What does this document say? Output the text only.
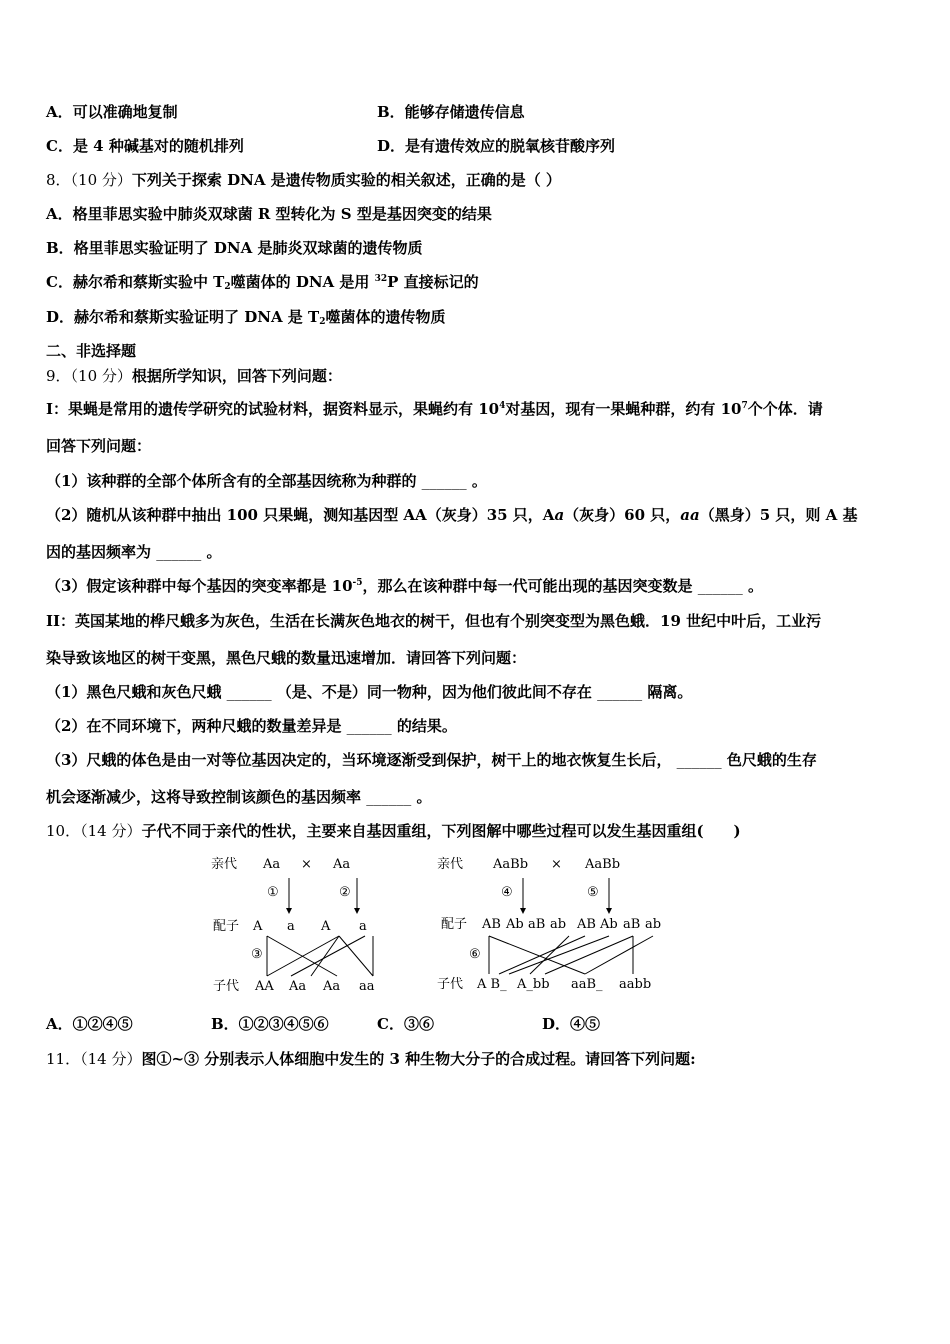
A．可以准确地复制	B．能够存储遗传信息
C．是 4 种碱基对的随机排列	D．是有遗传效应的脱氧核苷酸序列
8．（10 分）下列关于探索 DNA 是遗传物质实验的相关叙述，正确的是（ ）
A．格里菲思实验中肺炎双球菌 R 型转化为 S 型是基因突变的结果
B．格里菲思实验证明了 DNA 是肺炎双球菌的遗传物质
C．赫尔希和蔡斯实验中 $T_2$噬菌体的 DNA 是用 $^{32}$P 直接标记的
D．赫尔希和蔡斯实验证明了 DNA 是 $T_2$噬菌体的遗传物质
二、非选择题
9．（10 分）根据所学知识，回答下列问题：
I：果蝇是常用的遗传学研究的试验材料，据资料显示，果蝇约有 $10^4$对基因，现有一果蝇种群，约有 $10^7$个个体．请
回答下列问题：
（1）该种群的全部个体所含有的全部基因统称为种群的 ______ 。
（2）随机从该种群中抽出 100 只果蝇，测知基因型 AA（灰身）35 只，Aa（灰身）60 只，aa（黑身）5 只，则 A 基
因的基因频率为 ______ 。
（3）假定该种群中每个基因的突变率都是 $10^{-5}$，那么在该种群中每一代可能出现的基因突变数是 ______ 。
II：英国某地的桦尺蛾多为灰色，生活在长满灰色地衣的树干，但也有个别突变型为黑色蛾．19 世纪中叶后，工业污
染导致该地区的树干变黑，黑色尺蛾的数量迅速增加．请回答下列问题：
（1）黑色尺蛾和灰色尺蛾 ______ （是、不是）同一物种，因为他们彼此间不存在 ______ 隔离。
（2）在不同环境下，两种尺蛾的数量差异是 ______ 的结果。
（3）尺蛾的体色是由一对等位基因决定的，当环境逐渐受到保护，树干上的地衣恢复生长后， ______ 色尺蛾的生存
机会逐渐减少，这将导致控制该颜色的基因频率 ______ 。
10．（14 分）子代不同于亲代的性状，主要来自基因重组，下列图解中哪些过程可以发生基因重组(　　)
亲代 Aa × Aa
①	②
配子 A a A a
③
子代 AA Aa Aa aa
亲代 AaBb × AaBb
④	⑤
配子 AB Ab aB ab AB Ab aB ab
⑥
子代 A B_ A_bb aaB_ aabb
A．①②④⑤	B．①②③④⑤⑥	C．③⑥	D．④⑤
11．（14 分）图①~③ 分别表示人体细胞中发生的 3 种生物大分子的合成过程。请回答下列问题:
